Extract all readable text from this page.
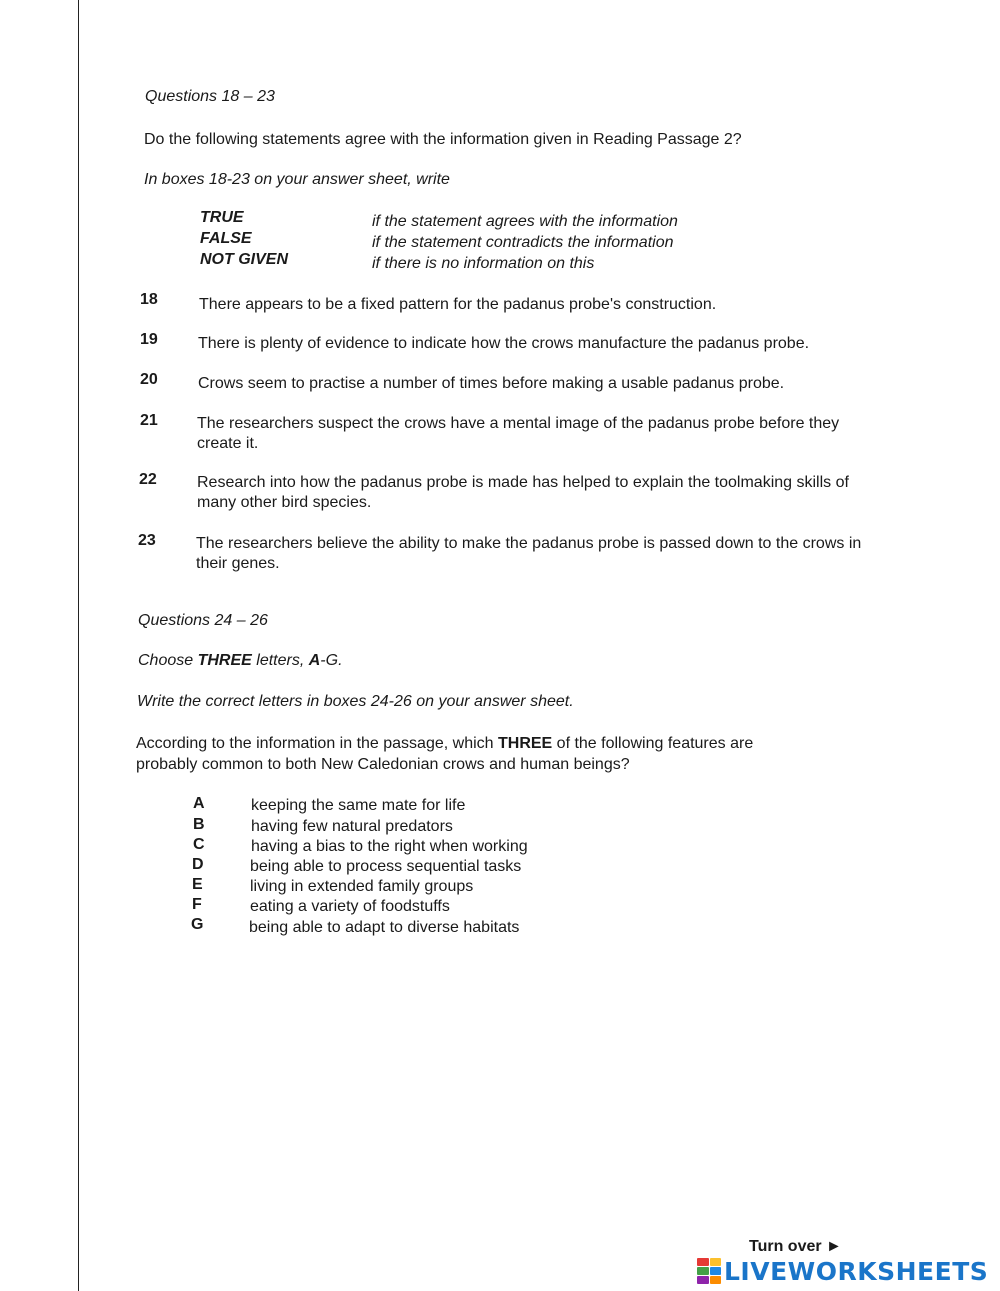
Questions 18 – 23
Do the following statements agree with the information given in Reading Passage 2?
In boxes 18-23 on your answer sheet, write
TRUE	if the statement agrees with the information
FALSE	if the statement contradicts the information
NOT GIVEN	if there is no information on this
18	There appears to be a fixed pattern for the padanus probe's construction.
19	There is plenty of evidence to indicate how the crows manufacture the padanus probe.
20	Crows seem to practise a number of times before making a usable padanus probe.
21 The researchers suspect the crows have a mental image of the padanus probe before they create it.
22	Research into how the padanus probe is made has helped to explain the toolmaking skills of many other bird species.
23	The researchers believe the ability to make the padanus probe is passed down to the crows in their genes.
Questions 24 – 26
Choose THREE letters, A-G.
Write the correct letters in boxes 24-26 on your answer sheet.
According to the information in the passage, which THREE of the following features are
probably common to both New Caledonian crows and human beings?
A	keeping the same mate for life
B	having few natural predators
C	having a bias to the right when working
D	being able to process sequential tasks
E	living in extended family groups
F	eating a variety of foodstuffs
G	being able to adapt to diverse habitats
Turn over ►
LIVEWORKSHEETS
